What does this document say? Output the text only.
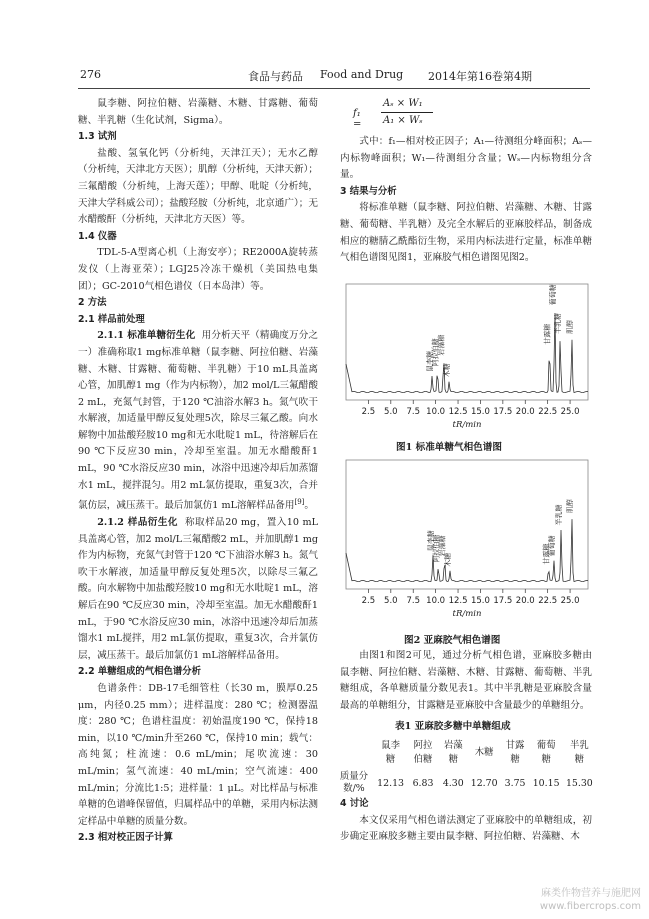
276	食品与药品 Food and Drug 2014年第16卷第4期

鼠李糖、阿拉伯糖、岩藻糖、木糖、甘露糖、葡萄糖、半乳糖（生化试剂，Sigma）。

1.3 试剂

盐酸、氢氧化钙（分析纯，天津江天）；无水乙醇（分析纯，天津北方天医）；肌醇（分析纯，天津天新）；三氟醋酸（分析纯，上海天莲）；甲醇、吡啶（分析纯，天津大学科威公司）；盐酸羟胺（分析纯，北京通广）；无水醋酸酐（分析纯，天津北方天医）等。

1.4 仪器

TDL-5-A型离心机（上海安亭）；RE2000A旋转蒸发仪（上海亚荣）；LGJ25冷冻干燥机（美国热电集团）；GC-2010气相色谱仪（日本岛津）等。

2 方法

2.1 样品前处理

2.1.1 标准单糖衍生化 用分析天平（精确度万分之一）准确称取1 mg标准单糖（鼠李糖、阿拉伯糖、岩藻糖、木糖、甘露糖、葡萄糖、半乳糖）于10 mL具盖离心管，加肌醇1 mg（作为内标物），加2 mol/L三氟醋酸2 mL，充氮气封管，于120 ℃油浴水解3 h。氮气吹干水解液，加适量甲醇反复处理5次，除尽三氟乙酸。向水解物中加盐酸羟胺10 mg和无水吡啶1 mL，待溶解后在90 ℃下反应30 min，冷却至室温。加无水醋酸酐1 mL，90 ℃水浴反应30 min，冰浴中迅速冷却后加蒸馏水1 mL，搅拌混匀。用2 mL氯仿提取，重复3次，合并氯仿层，减压蒸干。最后加氯仿1 mL溶解样品备用[9]。

2.1.2 样品衍生化 称取样品20 mg，置入10 mL具盖离心管，加2 mol/L三氟醋酸2 mL，并加肌醇1 mg作为内标物，充氮气封管于120 ℃下油浴水解3 h。氮气吹干水解液，加适量甲醇反复处理5次，以除尽三氟乙酸。向水解物中加盐酸羟胺10 mg和无水吡啶1 mL，溶解后在90 ℃反应30 min，冷却至室温。加无水醋酸酐1 mL，于90 ℃水浴反应30 min，冰浴中迅速冷却后加蒸馏水1 mL搅拌，用2 mL氯仿提取，重复3次，合并氯仿层，减压蒸干。最后加氯仿1 mL溶解样品备用。

2.2 单糖组成的气相色谱分析

色谱条件：DB-17毛细管柱（长30 m，膜厚0.25 μm，内径0.25 mm）；进样温度：280 ℃；检测器温度：280 ℃；色谱柱温度：初始温度190 ℃，保持18 min，以10 ℃/min升至260 ℃，保持10 min；载气：高纯氮；柱流速：0.6 mL/min；尾吹流速：30 mL/min；氢气流速：40 mL/min；空气流速：400 mL/min；分流比1:5；进样量：1 μL。对比样品与标准单糖的色谱峰保留值，归属样品中的单糖，采用内标法测定样品中单糖的质量分数。

2.3 相对校正因子计算

f₁ =
Aₛ × W₁
A₁ × Wₛ

式中：f₁—相对校正因子；A₁—待测组分峰面积；Aₛ—内标物峰面积；W₁—待测组分含量；Wₛ—内标物组分含量。

3 结果与分析

将标准单糖（鼠李糖、阿拉伯糖、岩藻糖、木糖、甘露糖、葡萄糖、半乳糖）及完全水解后的亚麻胶样品，制备成相应的糖腈乙酰酯衍生物，采用内标法进行定量，标准单糖气相色谱图见图1，亚麻胶气相色谱图见图2。

鼠李糖
阿拉伯糖
岩藻糖
木糖
甘露糖
葡萄糖
半乳糖 肌醇
2.5 5.0 7.5 10.0 12.5 15.0 17.5 20.0 22.5 25.0
tR/min
图1 标准单糖气相色谱图
鼠李糖
阿拉伯糖
岩藻糖
木糖	甘露糖
葡萄糖
半乳糖 肌醇
2.5 5.0 7.5 10.0 12.5 15.0 17.5 20.0 22.5 25.0
tR/min
图2 亚麻胶气相色谱图

由图1和图2可见，通过分析气相色谱，亚麻胶多糖由鼠李糖、阿拉伯糖、岩藻糖、木糖、甘露糖、葡萄糖、半乳糖组成，各单糖质量分数见表1。其中半乳糖是亚麻胶含量最高的单糖组分，甘露糖是亚麻胶中含量最少的单糖组分。

表1 亚麻胶多糖中单糖组成
	鼠李糖	阿拉伯糖	岩藻糖	木糖	甘露糖	葡萄糖	半乳糖
质量分数/%	12.13	6.83	4.30	12.70	3.75	10.15	15.30

4 讨论

本文仅采用气相色谱法测定了亚麻胶中的单糖组成，初步确定亚麻胶多糖主要由鼠李糖、阿拉伯糖、岩藻糖、木

麻类作物营养与施肥网
www.fibercrops.com
